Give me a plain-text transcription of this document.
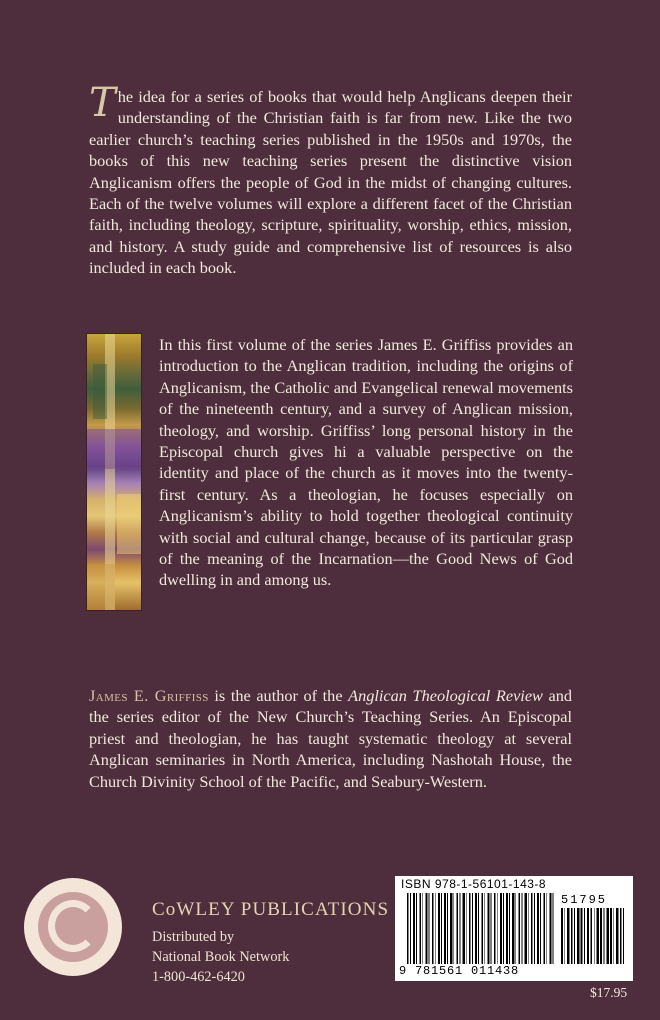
The idea for a series of books that would help Anglicans deepen their understanding of the Christian faith is far from new. Like the two earlier church’s teaching series published in the 1950s and 1970s, the books of this new teaching series present the distinctive vision Anglicanism offers the people of God in the midst of changing cultures. Each of the twelve volumes will explore a different facet of the Christian faith, including theology, scripture, spirituality, worship, ethics, mission, and history. A study guide and comprehensive list of resources is also included in each book.

In this first volume of the series James E. Griffiss provides an introduction to the Anglican tradition, including the origins of Anglicanism, the Catholic and Evangelical renewal movements of the nineteenth century, and a survey of Anglican mission, theology, and worship. Griffiss’ long personal history in the Episcopal church gives hi a valuable perspective on the identity and place of the church as it moves into the twenty-first century. As a theologian, he focuses especially on Anglicanism’s ability to hold together theological continuity with social and cultural change, because of its particular grasp of the meaning of the Incarnation—the Good News of God dwelling in and among us.

James E. Griffiss is the author of the Anglican Theological Review and the series editor of the New Church’s Teaching Series. An Episcopal priest and theologian, he has taught systematic theology at several Anglican seminaries in North America, including Nashotah House, the Church Divinity School of the Pacific, and Seabury-Western.

CoWLEY PUBLICATIONS
Distributed by
National Book Network
1-800-462-6420
ISBN 978-1-56101-143-8
51795
9 781561 011438
$17.95
